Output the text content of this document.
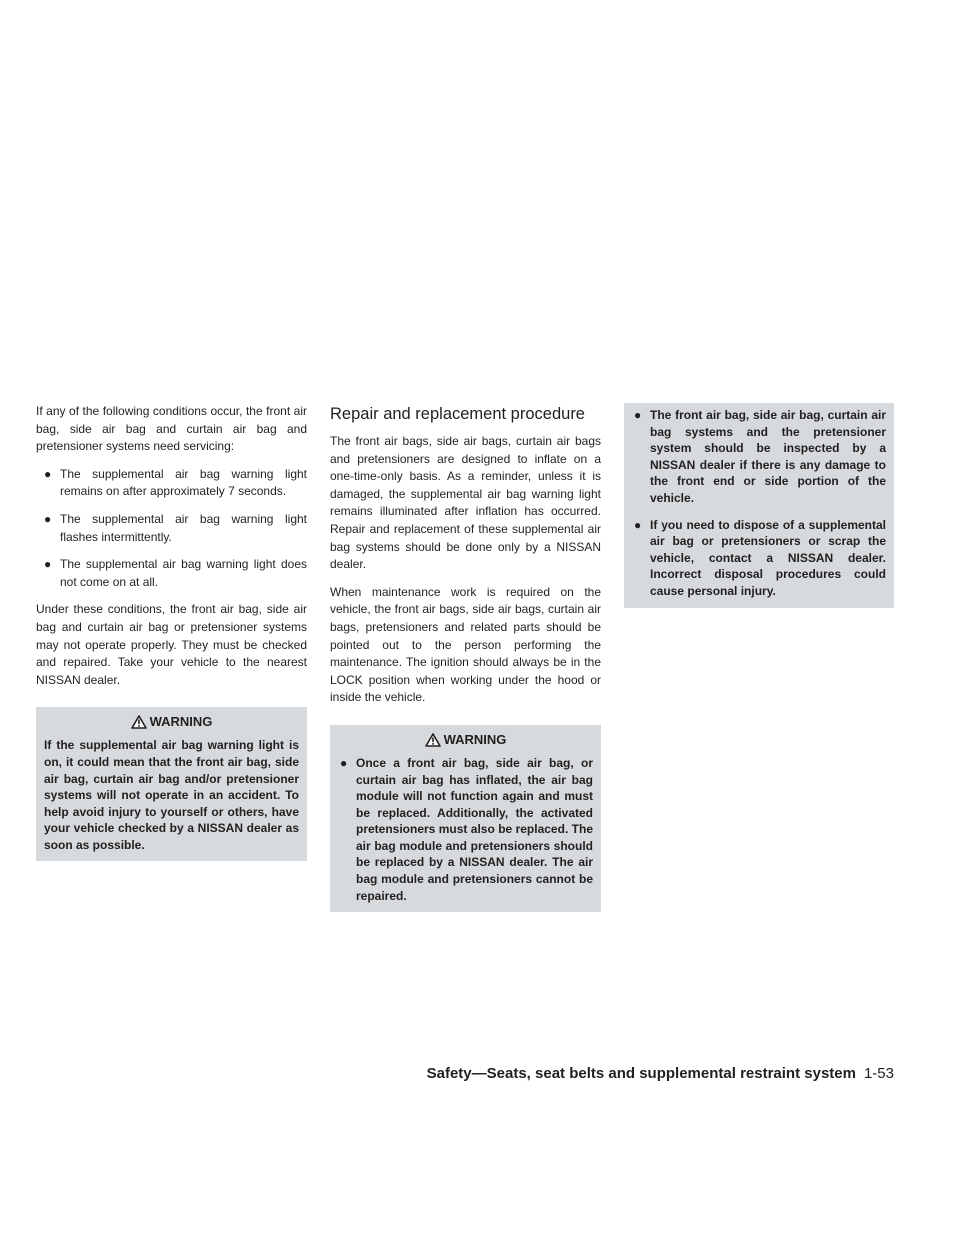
If any of the following conditions occur, the front air bag, side air bag and curtain air bag and pretensioner systems need servicing:

● The supplemental air bag warning light remains on after approximately 7 seconds.
● The supplemental air bag warning light flashes intermittently.
● The supplemental air bag warning light does not come on at all.

Under these conditions, the front air bag, side air bag and curtain air bag or pretensioner systems may not operate properly. They must be checked and repaired. Take your vehicle to the nearest NISSAN dealer.

WARNING

If the supplemental air bag warning light is on, it could mean that the front air bag, side air bag, curtain air bag and/or pretensioner systems will not operate in an accident. To help avoid injury to yourself or others, have your vehicle checked by a NISSAN dealer as soon as possible.

Repair and replacement procedure

The front air bags, side air bags, curtain air bags and pretensioners are designed to inflate on a one-time-only basis. As a reminder, unless it is damaged, the supplemental air bag warning light remains illuminated after inflation has occurred. Repair and replacement of these supplemental air bag systems should be done only by a NISSAN dealer.

When maintenance work is required on the vehicle, the front air bags, side air bags, curtain air bags, pretensioners and related parts should be pointed out to the person performing the maintenance. The ignition should always be in the LOCK position when working under the hood or inside the vehicle.

WARNING
● Once a front air bag, side air bag, or curtain air bag has inflated, the air bag module will not function again and must be replaced. Additionally, the activated pretensioners must also be replaced. The air bag module and pretensioners should be replaced by a NISSAN dealer. The air bag module and pretensioners cannot be repaired.
● The front air bag, side air bag, curtain air bag systems and the pretensioner system should be inspected by a NISSAN dealer if there is any damage to the front end or side portion of the vehicle.
● If you need to dispose of a supplemental air bag or pretensioners or scrap the vehicle, contact a NISSAN dealer. Incorrect disposal procedures could cause personal injury.
Safety—Seats, seat belts and supplemental restraint system 1-53
